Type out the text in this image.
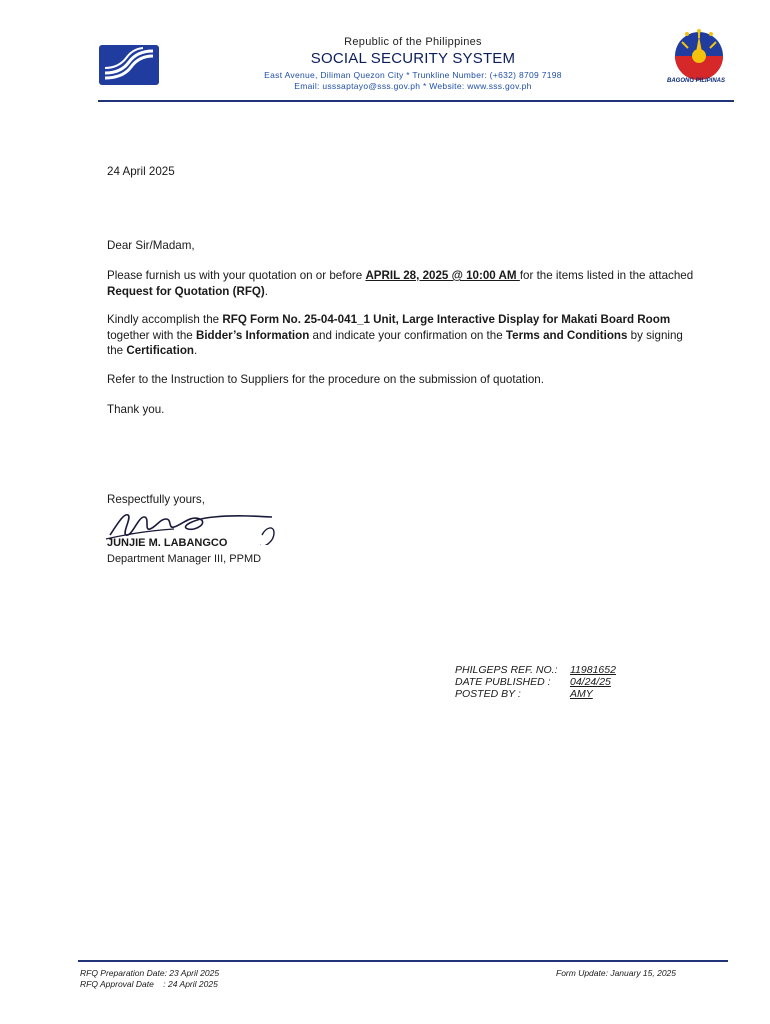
Republic of the Philippines
SOCIAL SECURITY SYSTEM
East Avenue, Diliman Quezon City * Trunkline Number: (+632) 8709 7198
Email: usssaptayo@sss.gov.ph * Website: www.sss.gov.ph	BAGONG PILIPINAS
24 April 2025
Dear Sir/Madam,
Please furnish us with your quotation on or before APRIL 28, 2025 @ 10:00 AM for the items listed in the attached Request for Quotation (RFQ).
Kindly accomplish the RFQ Form No. 25-04-041_1 Unit, Large Interactive Display for Makati Board Room together with the Bidder’s Information and indicate your confirmation on the Terms and Conditions by signing the Certification.
Refer to the Instruction to Suppliers for the procedure on the submission of quotation.
Thank you.
Respectfully yours,
JUNJIE M. LABANGCO
Department Manager III, PPMD
PHILGEPS REF. NO.:	11981652
DATE PUBLISHED :	04/24/25
POSTED BY :	AMY
RFQ Preparation Date: 23 April 2025
RFQ Approval Date    : 24 April 2025
Form Update: January 15, 2025
